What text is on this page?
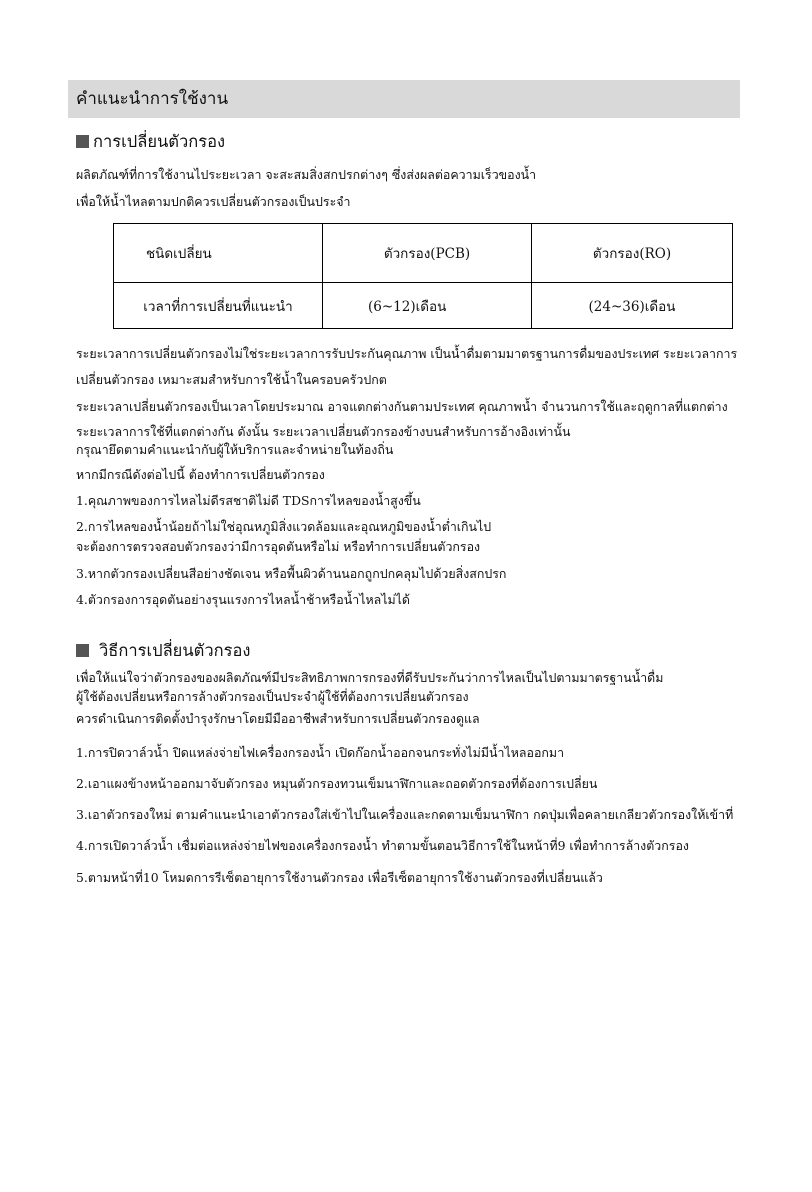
คำแนะนำการใช้งาน
การเปลี่ยนตัวกรอง
ผลิตภัณฑ์ที่การใช้งานไประยะเวลา จะสะสมสิ่งสกปรกต่างๆ ซึ่งส่งผลต่อความเร็วของน้ำ
เพื่อให้น้ำไหลตามปกติควรเปลี่ยนตัวกรองเป็นประจำ
ชนิดเปลี่ยน	ตัวกรอง(PCB)	ตัวกรอง(RO)
เวลาที่การเปลี่ยนที่แนะนำ	(6~12)เดือน	(24~36)เดือน
ระยะเวลาการเปลี่ยนตัวกรองไม่ใช่ระยะเวลาการรับประกันคุณภาพ เป็นน้ำดื่มตามมาตรฐานการดื่มของประเทศ ระยะเวลาการ
เปลี่ยนตัวกรอง เหมาะสมสำหรับการใช้น้ำในครอบครัวปกต
ระยะเวลาเปลี่ยนตัวกรองเป็นเวลาโดยประมาณ อาจแตกต่างกันตามประเทศ คุณภาพน้ำ จำนวนการใช้และฤดูกาลที่แตกต่าง
ระยะเวลาการใช้ที่แตกต่างกัน ดังนั้น ระยะเวลาเปลี่ยนตัวกรองข้างบนสำหรับการอ้างอิงเท่านั้น
กรุณายึดตามคำแนะนำกับผู้ให้บริการและจำหน่ายในท้องถิ่น
หากมีกรณีดังต่อไปนี้ ต้องทำการเปลี่ยนตัวกรอง
1.คุณภาพของการไหลไม่ดีรสชาติไม่ดี TDSการไหลของน้ำสูงขึ้น
2.การไหลของน้ำน้อยถ้าไม่ใช่อุณหภูมิสิ่งแวดล้อมและอุณหภูมิของน้ำต่ำเกินไป
จะต้องการตรวจสอบตัวกรองว่ามีการอุดตันหรือไม่ หรือทำการเปลี่ยนตัวกรอง
3.หากตัวกรองเปลี่ยนสีอย่างชัดเจน หรือพื้นผิวด้านนอกถูกปกคลุมไปด้วยสิ่งสกปรก
4.ตัวกรองการอุดตันอย่างรุนแรงการไหลน้ำช้าหรือน้ำไหลไม่ได้
วิธีการเปลี่ยนตัวกรอง
เพื่อให้แน่ใจว่าตัวกรองของผลิตภัณฑ์มีประสิทธิภาพการกรองที่ดีรับประกันว่าการไหลเป็นไปตามมาตรฐานน้ำดื่ม
ผู้ใช้ต้องเปลี่ยนหรือการล้างตัวกรองเป็นประจำผู้ใช้ที่ต้องการเปลี่ยนตัวกรอง
ควรดำเนินการติดตั้งบำรุงรักษาโดยมีมืออาชีพสำหรับการเปลี่ยนตัวกรองดูแล
1.การปิดวาล์วน้ำ ปิดแหล่งจ่ายไฟเครื่องกรองน้ำ เปิดก๊อกน้ำออกจนกระทั่งไม่มีน้ำไหลออกมา
2.เอาแผงข้างหน้าออกมาจับตัวกรอง หมุนตัวกรองทวนเข็มนาฬิกาและถอดตัวกรองที่ต้องการเปลี่ยน
3.เอาตัวกรองใหม่ ตามคำแนะนำเอาตัวกรองใส่เข้าไปในเครื่องและกดตามเข็มนาฬิกา กดปุ่มเพื่อคลายเกลียวตัวกรองให้เข้าที่
4.การเปิดวาล์วน้ำ เชื่มต่อแหล่งจ่ายไฟของเครื่องกรองน้ำ ทำตามขั้นตอนวิธีการใช้ในหน้าที่9 เพื่อทำการล้างตัวกรอง
5.ตามหน้าที่10 โหมดการรีเซ็ตอายุการใช้งานตัวกรอง เพื่อรีเซ็ตอายุการใช้งานตัวกรองที่เปลี่ยนแล้ว
